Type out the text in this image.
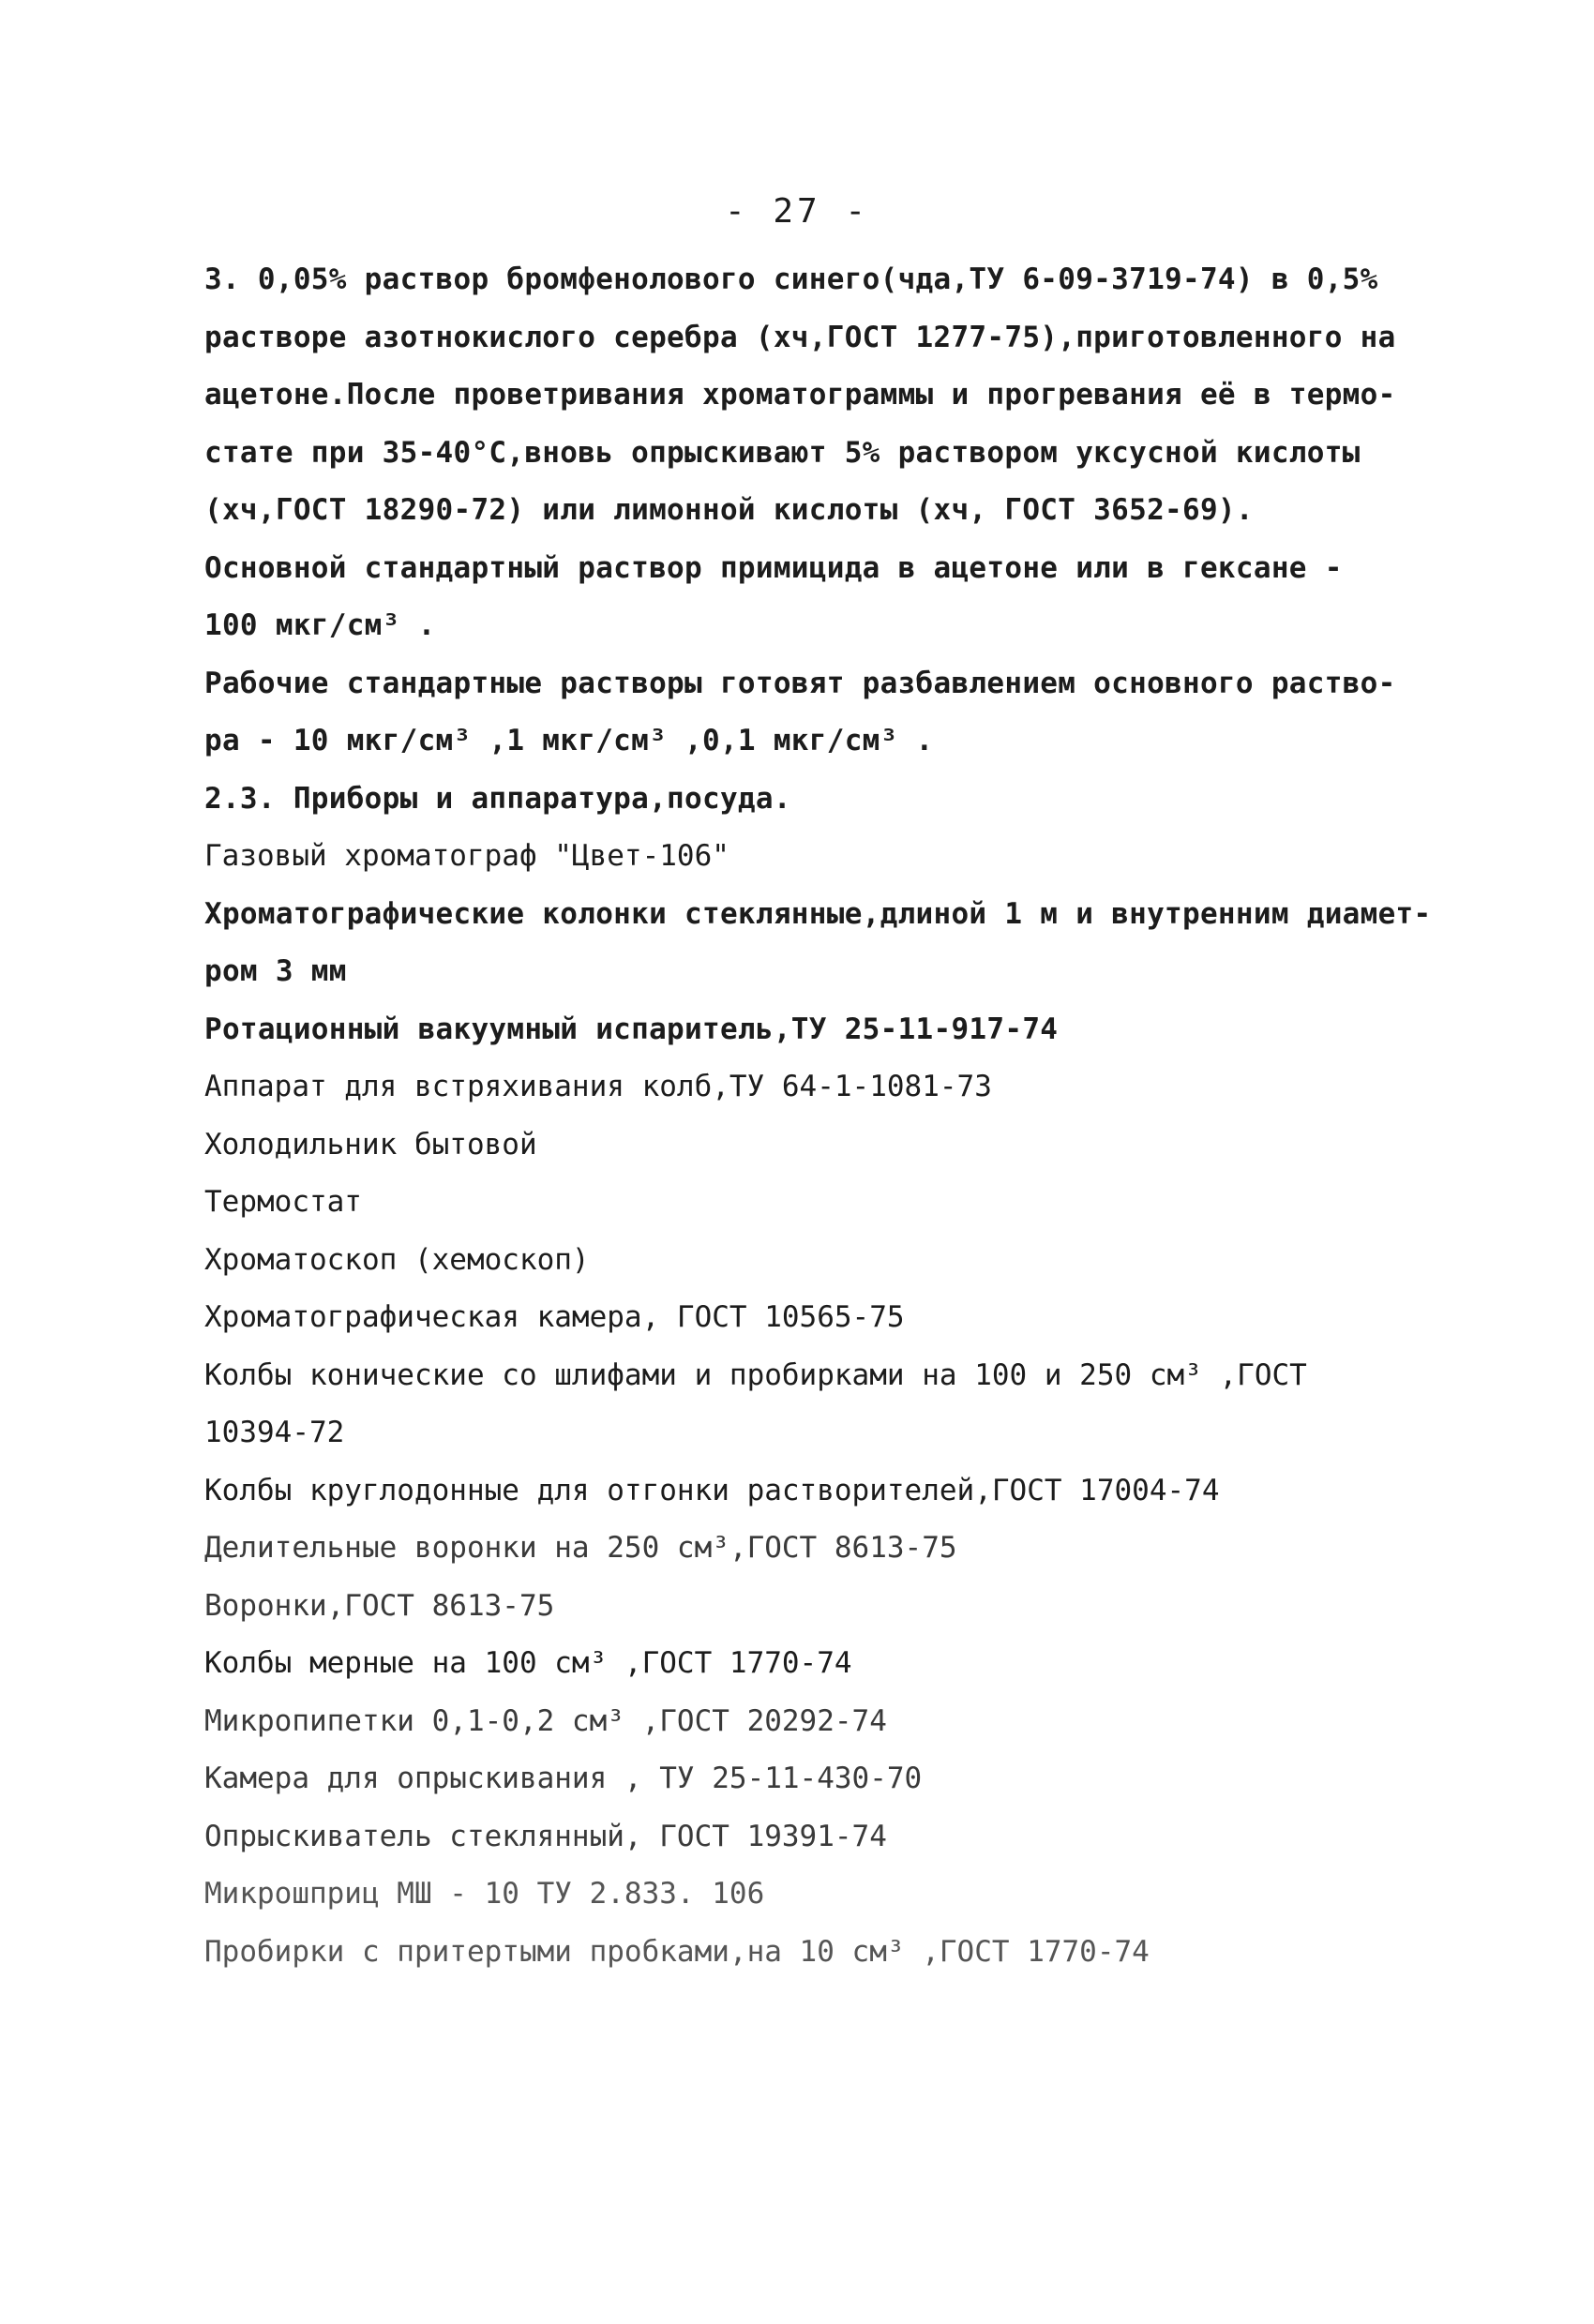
- 27 -
3. 0,05% раствор бромфенолового синего(чда,ТУ 6-09-3719-74) в 0,5%
растворе азотнокислого серебра (хч,ГОСТ 1277-75),приготовленного на
ацетоне.После проветривания хроматограммы и прогревания её в термо-
стате при 35-40°С,вновь опрыскивают 5% раствором уксусной кислоты
(хч,ГОСТ 18290-72) или лимонной кислоты (хч, ГОСТ 3652-69).
Основной стандартный раствор примицида в ацетоне или в гексане -
100 мкг/см³ .
Рабочие стандартные растворы готовят разбавлением основного раство-
ра - 10 мкг/см³ ,1 мкг/см³ ,0,1 мкг/см³ .
2.3. Приборы и аппаратура,посуда.
Газовый хроматограф "Цвет-106"
Хроматографические колонки стеклянные,длиной 1 м и внутренним диамет-
ром 3 мм
Ротационный вакуумный испаритель,ТУ 25-11-917-74
Аппарат для встряхивания колб,ТУ 64-1-1081-73
Холодильник бытовой
Термостат
Хроматоскоп (хемоскоп)
Хроматографическая камера, ГОСТ 10565-75
Колбы конические со шлифами и пробирками на 100 и 250 см³ ,ГОСТ
10394-72
Колбы круглодонные для отгонки растворителей,ГОСТ 17004-74
Делительные воронки на 250 см³,ГОСТ 8613-75
Воронки,ГОСТ 8613-75
Колбы мерные на 100 см³ ,ГОСТ 1770-74
Микропипетки 0,1-0,2 см³ ,ГОСТ 20292-74
Камера для опрыскивания , ТУ 25-11-430-70
Опрыскиватель стеклянный, ГОСТ 19391-74
Микрошприц МШ - 10 ТУ 2.833. 106
Пробирки с притертыми пробками,на 10 см³ ,ГОСТ 1770-74
